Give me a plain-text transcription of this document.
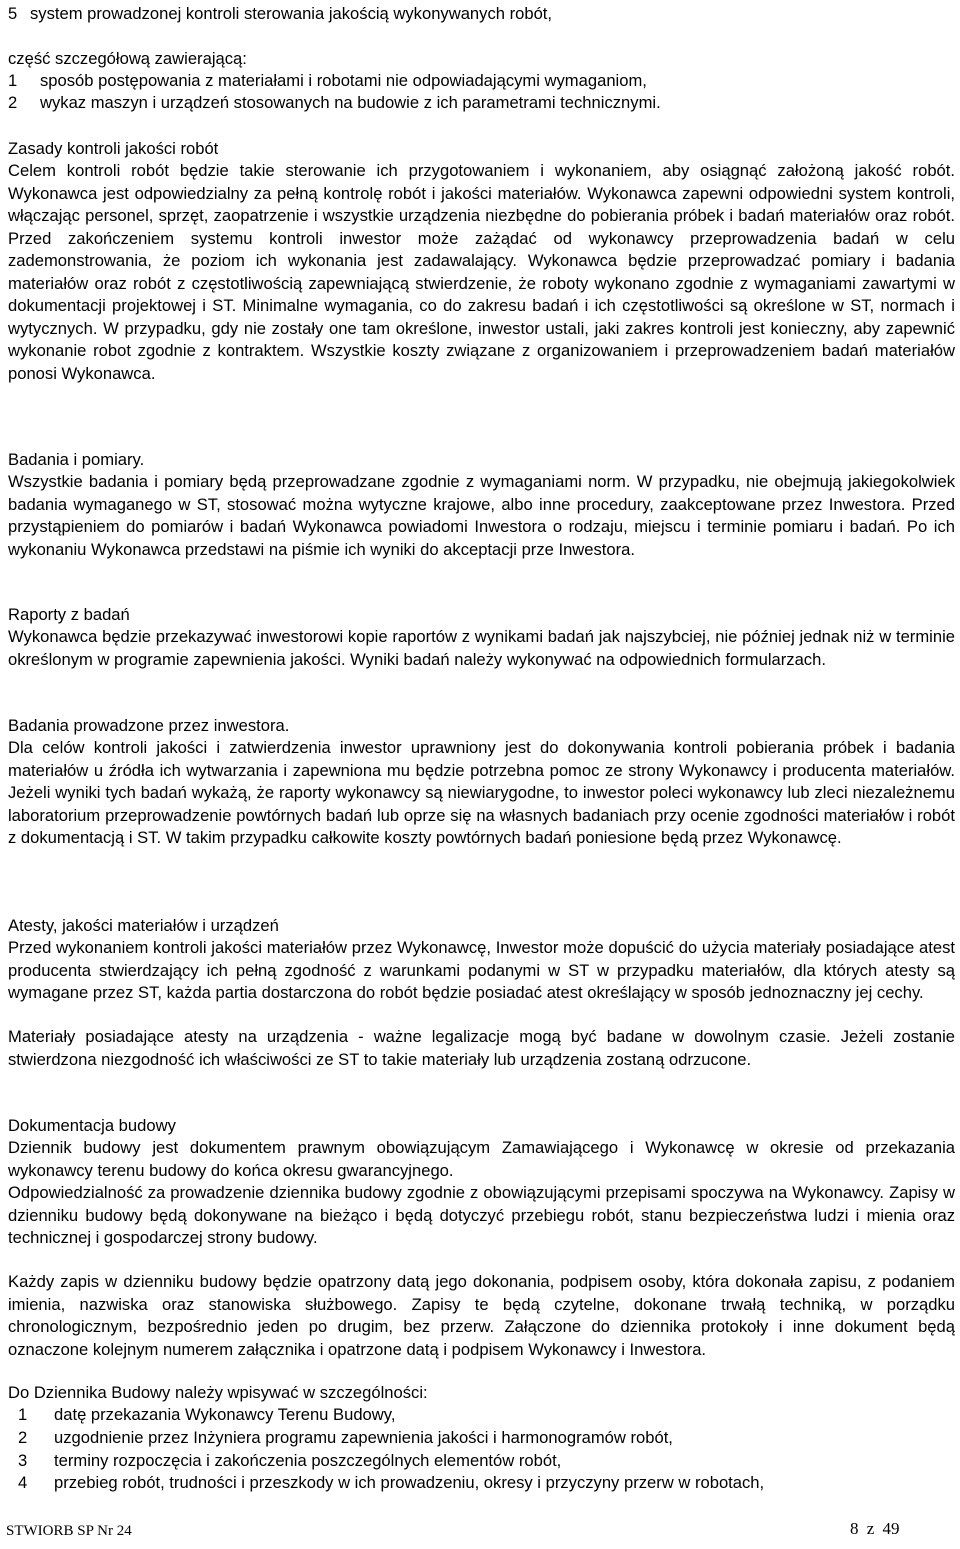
5 system prowadzonej kontroli sterowania jakością wykonywanych robót,
część szczegółową zawierającą:
1	sposób postępowania z materiałami i robotami nie odpowiadającymi wymaganiom,
2	wykaz maszyn i urządzeń stosowanych na budowie z ich parametrami technicznymi.
Zasady kontroli jakości robót
Celem kontroli robót będzie takie sterowanie ich przygotowaniem i wykonaniem, aby osiągnąć założoną jakość robót. Wykonawca jest odpowiedzialny za pełną kontrolę robót i jakości materiałów. Wykonawca zapewni odpowiedni system kontroli, włączając personel, sprzęt, zaopatrzenie i wszystkie urządzenia niezbędne do pobierania próbek i badań materiałów oraz robót. Przed zakończeniem systemu kontroli inwestor może zażądać od wykonawcy przeprowadzenia badań w celu zademonstrowania, że poziom ich wykonania jest zadawalający. Wykonawca będzie przeprowadzać pomiary i badania materiałów oraz robót z częstotliwością zapewniającą stwierdzenie, że roboty wykonano zgodnie z wymaganiami zawartymi w dokumentacji projektowej i ST. Minimalne wymagania, co do zakresu badań i ich częstotliwości są określone w ST, normach i wytycznych. W przypadku, gdy nie zostały one tam określone, inwestor ustali, jaki zakres kontroli jest konieczny, aby zapewnić wykonanie robot zgodnie z kontraktem. Wszystkie koszty związane z organizowaniem i przeprowadzeniem badań materiałów ponosi Wykonawca.
Badania i pomiary.
Wszystkie badania i pomiary będą przeprowadzane zgodnie z wymaganiami norm. W przypadku, nie obejmują jakiegokolwiek badania wymaganego w ST, stosować można wytyczne krajowe, albo inne procedury, zaakceptowane przez Inwestora. Przed przystąpieniem do pomiarów i badań Wykonawca powiadomi Inwestora o rodzaju, miejscu i terminie pomiaru i badań. Po ich wykonaniu Wykonawca przedstawi na piśmie ich wyniki do akceptacji prze Inwestora.
Raporty z badań
Wykonawca będzie przekazywać inwestorowi kopie raportów z wynikami badań jak najszybciej, nie później jednak niż w terminie określonym w programie zapewnienia jakości. Wyniki badań należy wykonywać na odpowiednich formularzach.
Badania prowadzone przez inwestora.
Dla celów kontroli jakości i zatwierdzenia inwestor uprawniony jest do dokonywania kontroli pobierania próbek i badania materiałów u źródła ich wytwarzania i zapewniona mu będzie potrzebna pomoc ze strony Wykonawcy i producenta materiałów. Jeżeli wyniki tych badań wykażą, że raporty wykonawcy są niewiarygodne, to inwestor poleci wykonawcy lub zleci niezależnemu laboratorium przeprowadzenie powtórnych badań lub oprze się na własnych badaniach przy ocenie zgodności materiałów i robót z dokumentacją i ST. W takim przypadku całkowite koszty powtórnych badań poniesione będą przez Wykonawcę.
Atesty, jakości materiałów i urządzeń
Przed wykonaniem kontroli jakości materiałów przez Wykonawcę, Inwestor może dopuścić do użycia materiały posiadające atest producenta stwierdzający ich pełną zgodność z warunkami podanymi w ST w przypadku materiałów, dla których atesty są wymagane przez ST, każda partia dostarczona do robót będzie posiadać atest określający w sposób jednoznaczny jej cechy.
Materiały posiadające atesty na urządzenia - ważne legalizacje mogą być badane w dowolnym czasie. Jeżeli zostanie stwierdzona niezgodność ich właściwości ze ST to takie materiały lub urządzenia zostaną odrzucone.
Dokumentacja budowy
Dziennik budowy jest dokumentem prawnym obowiązującym Zamawiającego i Wykonawcę w okresie od przekazania wykonawcy terenu budowy do końca okresu gwarancyjnego.
Odpowiedzialność za prowadzenie dziennika budowy zgodnie z obowiązującymi przepisami spoczywa na Wykonawcy. Zapisy w dzienniku budowy będą dokonywane na bieżąco i będą dotyczyć przebiegu robót, stanu bezpieczeństwa ludzi i mienia oraz technicznej i gospodarczej strony budowy.
Każdy zapis w dzienniku budowy będzie opatrzony datą jego dokonania, podpisem osoby, która dokonała zapisu, z podaniem imienia, nazwiska oraz stanowiska służbowego. Zapisy te będą czytelne, dokonane trwałą techniką, w porządku chronologicznym, bezpośrednio jeden po drugim, bez przerw. Załączone do dziennika protokoły i inne dokument będą oznaczone kolejnym numerem załącznika i opatrzone datą i podpisem Wykonawcy i Inwestora.
Do Dziennika Budowy należy wpisywać w szczególności:
1	datę przekazania Wykonawcy Terenu Budowy,
2	uzgodnienie przez Inżyniera programu zapewnienia jakości i harmonogramów robót,
3	terminy rozpoczęcia i zakończenia poszczególnych elementów robót,
4	przebieg robót, trudności i przeszkody w ich prowadzeniu, okresy i przyczyny przerw w robotach,
STWIORB SP Nr 24	8 z 49
